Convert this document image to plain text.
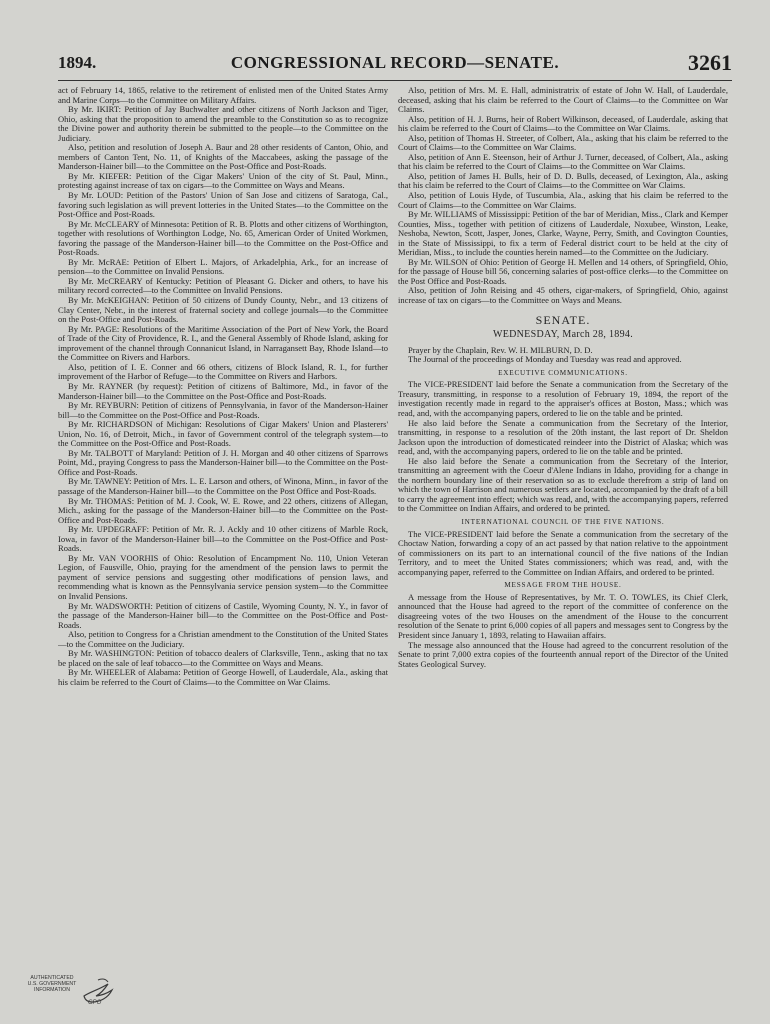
1894.	CONGRESSIONAL RECORD—SENATE.	3261

act of February 14, 1865, relative to the retirement of enlisted men of the United States Army and Marine Corps—to the Committee on Military Affairs.

By Mr. IKIRT: Petition of Jay Buchwalter and other citizens of North Jackson and Tiger, Ohio, asking that the proposition to amend the preamble to the Constitution so as to recognize the Divine power and authority therein be submitted to the people—to the Committee on the Judiciary.

Also, petition and resolution of Joseph A. Baur and 28 other residents of Canton, Ohio, and members of Canton Tent, No. 11, of Knights of the Maccabees, asking the passage of the Manderson-Hainer bill—to the Committee on the Post-Office and Post-Roads.

By Mr. KIEFER: Petition of the Cigar Makers' Union of the city of St. Paul, Minn., protesting against increase of tax on cigars—to the Committee on Ways and Means.

By Mr. LOUD: Petition of the Pastors' Union of San Jose and citizens of Saratoga, Cal., favoring such legislation as will prevent lotteries in the United States—to the Committee on the Post-Office and Post-Roads.

By Mr. McCLEARY of Minnesota: Petition of R. B. Plotts and other citizens of Worthington, together with resolutions of Worthington Lodge, No. 65, American Order of United Workmen, favoring the passage of the Manderson-Hainer bill—to the Committee on the Post-Office and Post-Roads.

By Mr. McRAE: Petition of Elbert L. Majors, of Arkadelphia, Ark., for an increase of pension—to the Committee on Invalid Pensions.

By Mr. McCREARY of Kentucky: Petition of Pleasant G. Dicker and others, to have his military record corrected—to the Committee on Invalid Pensions.

By Mr. McKEIGHAN: Petition of 50 citizens of Dundy County, Nebr., and 13 citizens of Clay Center, Nebr., in the interest of fraternal society and college journals—to the Committee on the Post-Office and Post-Roads.

By Mr. PAGE: Resolutions of the Maritime Association of the Port of New York, the Board of Trade of the City of Providence, R. I., and the General Assembly of Rhode Island, asking for improvement of the channel through Connanicut Island, in Narragansett Bay, Rhode Island—to the Committee on Rivers and Harbors.

Also, petition of I. E. Conner and 66 others, citizens of Block Island, R. I., for further improvement of the Harbor of Refuge—to the Committee on Rivers and Harbors.

By Mr. RAYNER (by request): Petition of citizens of Baltimore, Md., in favor of the Manderson-Hainer bill—to the Committee on the Post-Office and Post-Roads.

By Mr. REYBURN: Petition of citizens of Pennsylvania, in favor of the Manderson-Hainer bill—to the Committee on the Post-Office and Post-Roads.

By Mr. RICHARDSON of Michigan: Resolutions of Cigar Makers' Union and Plasterers' Union, No. 16, of Detroit, Mich., in favor of Government control of the telegraph system—to the Committee on the Post-Office and Post-Roads.

By Mr. TALBOTT of Maryland: Petition of J. H. Morgan and 40 other citizens of Sparrows Point, Md., praying Congress to pass the Manderson-Hainer bill—to the Committee on the Post-Office and Post-Roads.

By Mr. TAWNEY: Petition of Mrs. L. E. Larson and others, of Winona, Minn., in favor of the passage of the Manderson-Hainer bill—to the Committee on the Post Office and Post-Roads.

By Mr. THOMAS: Petition of M. J. Cook, W. E. Rowe, and 22 others, citizens of Allegan, Mich., asking for the passage of the Manderson-Hainer bill—to the Committee on the Post-Office and Post-Roads.

By Mr. UPDEGRAFF: Petition of Mr. R. J. Ackly and 10 other citizens of Marble Rock, Iowa, in favor of the Manderson-Hainer bill—to the Committee on the Post-Office and Post-Roads.

By Mr. VAN VOORHIS of Ohio: Resolution of Encampment No. 110, Union Veteran Legion, of Fausville, Ohio, praying for the amendment of the pension laws to permit the payment of service pensions and suggesting other modifications of pension laws, and recommending what is known as the Pennsylvania service pension system—to the Committee on Invalid Pensions.

By Mr. WADSWORTH: Petition of citizens of Castile, Wyoming County, N. Y., in favor of the passage of the Manderson-Hainer bill—to the Committee on the Post-Office and Post-Roads.

Also, petition to Congress for a Christian amendment to the Constitution of the United States—to the Committee on the Judiciary.

By Mr. WASHINGTON: Petition of tobacco dealers of Clarksville, Tenn., asking that no tax be placed on the sale of leaf tobacco—to the Committee on Ways and Means.

By Mr. WHEELER of Alabama: Petition of George Howell, of Lauderdale, Ala., asking that his claim be referred to the Court of Claims—to the Committee on War Claims.

Also, petition of Mrs. M. E. Hall, administratrix of estate of John W. Hall, of Lauderdale, deceased, asking that his claim be referred to the Court of Claims—to the Committee on War Claims.

Also, petition of H. J. Burns, heir of Robert Wilkinson, deceased, of Lauderdale, asking that his claim be referred to the Court of Claims—to the Committee on War Claims.

Also, petition of Thomas H. Streeter, of Colbert, Ala., asking that his claim be referred to the Court of Claims—to the Committee on War Claims.

Also, petition of Ann E. Steenson, heir of Arthur J. Turner, deceased, of Colbert, Ala., asking that his claim be referred to the Court of Claims—to the Committee on War Claims.

Also, petition of James H. Bulls, heir of D. D. Bulls, deceased, of Lexington, Ala., asking that his claim be referred to the Court of Claims—to the Committee on War Claims.

Also, petition of Louis Hyde, of Tuscumbia, Ala., asking that his claim be referred to the Court of Claims—to the Committee on War Claims.

By Mr. WILLIAMS of Mississippi: Petition of the bar of Meridian, Miss., Clark and Kemper Counties, Miss., together with petition of citizens of Lauderdale, Noxubee, Winston, Leake, Neshoba, Newton, Scott, Jasper, Jones, Clarke, Wayne, Perry, Smith, and Covington Counties, in the State of Mississippi, to fix a term of Federal district court to be held at the city of Meridian, Miss., to include the counties herein named—to the Committee on the Judiciary.

By Mr. WILSON of Ohio: Petition of George H. Mellen and 14 others, of Springfield, Ohio, for the passage of House bill 56, concerning salaries of post-office clerks—to the Committee on the Post Office and Post-Roads.

Also, petition of John Reising and 45 others, cigar-makers, of Springfield, Ohio, against increase of tax on cigars—to the Committee on Ways and Means.

SENATE.
WEDNESDAY, March 28, 1894.

Prayer by the Chaplain, Rev. W. H. MILBURN, D. D.

The Journal of the proceedings of Monday and Tuesday was read and approved.

EXECUTIVE COMMUNICATIONS.

The VICE-PRESIDENT laid before the Senate a communication from the Secretary of the Treasury, transmitting, in response to a resolution of February 19, 1894, the report of the investigation recently made in regard to the appraiser's offices at Boston, Mass.; which was read, and, with the accompanying papers, ordered to lie on the table and be printed.

He also laid before the Senate a communication from the Secretary of the Interior, transmitting, in response to a resolution of the 20th instant, the last report of Dr. Sheldon Jackson upon the introduction of domesticated reindeer into the District of Alaska; which was read, and, with the accompanying papers, ordered to lie on the table and be printed.

He also laid before the Senate a communication from the Secretary of the Interior, transmitting an agreement with the Coeur d'Alene Indians in Idaho, providing for a change in the northern boundary line of their reservation so as to exclude therefrom a strip of land on which the town of Harrison and numerous settlers are located, accompanied by the draft of a bill to carry the agreement into effect; which was read, and, with the accompanying papers, referred to the Committee on Indian Affairs, and ordered to be printed.

INTERNATIONAL COUNCIL OF THE FIVE NATIONS.

The VICE-PRESIDENT laid before the Senate a communication from the secretary of the Choctaw Nation, forwarding a copy of an act passed by that nation relative to the appointment of commissioners on its part to an international council of the five nations of the Indian Territory, and to meet the United States commissioners; which was read, and, with the accompanying paper, referred to the Committee on Indian Affairs, and ordered to be printed.

MESSAGE FROM THE HOUSE.

A message from the House of Representatives, by Mr. T. O. TOWLES, its Chief Clerk, announced that the House had agreed to the report of the committee of conference on the disagreeing votes of the two Houses on the amendment of the House to the concurrent resolution of the Senate to print 6,000 copies of all papers and messages sent to Congress by the President since January 1, 1893, relating to Hawaiian affairs.

The message also announced that the House had agreed to the concurrent resolution of the Senate to print 7,000 extra copies of the fourteenth annual report of the Director of the United States Geological Survey.

AUTHENTICATED
U.S. GOVERNMENT
INFORMATION
GPO
